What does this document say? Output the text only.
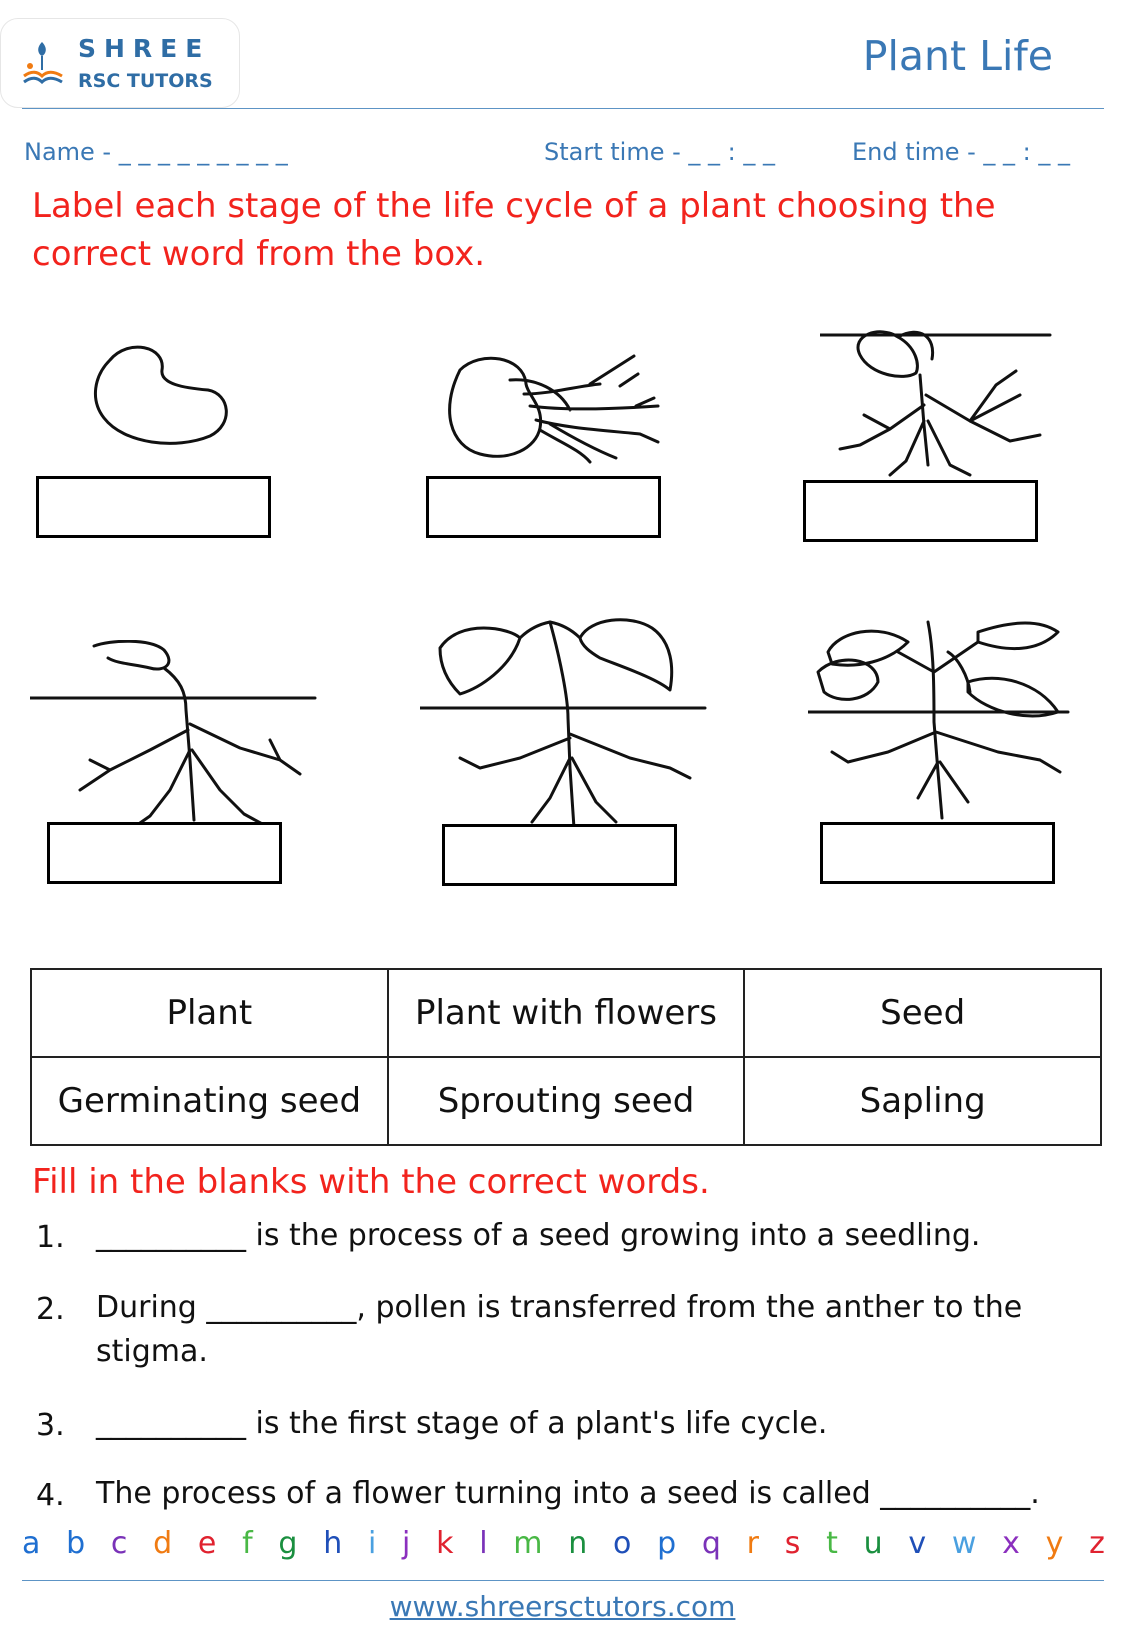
SHREE
RSC TUTORS
Plant Life
Name - _ _ _ _ _ _ _ _ _	Start time - _ _ : _ _	End time - _ _ : _ _
Label each stage of the life cycle of a plant choosing the correct word from the box.
Plant	Plant with flowers	Seed
Germinating seed	Sprouting seed	Sapling
Fill in the blanks with the correct words.
1. __________ is the process of a seed growing into a seedling.
2. During __________, pollen is transferred from the anther to the stigma.
3. __________ is the first stage of a plant's life cycle.
4. The process of a flower turning into a seed is called __________.
a b c d e f g h i j k l m n o p q r s t u v w x y z
www.shreersctutors.com
